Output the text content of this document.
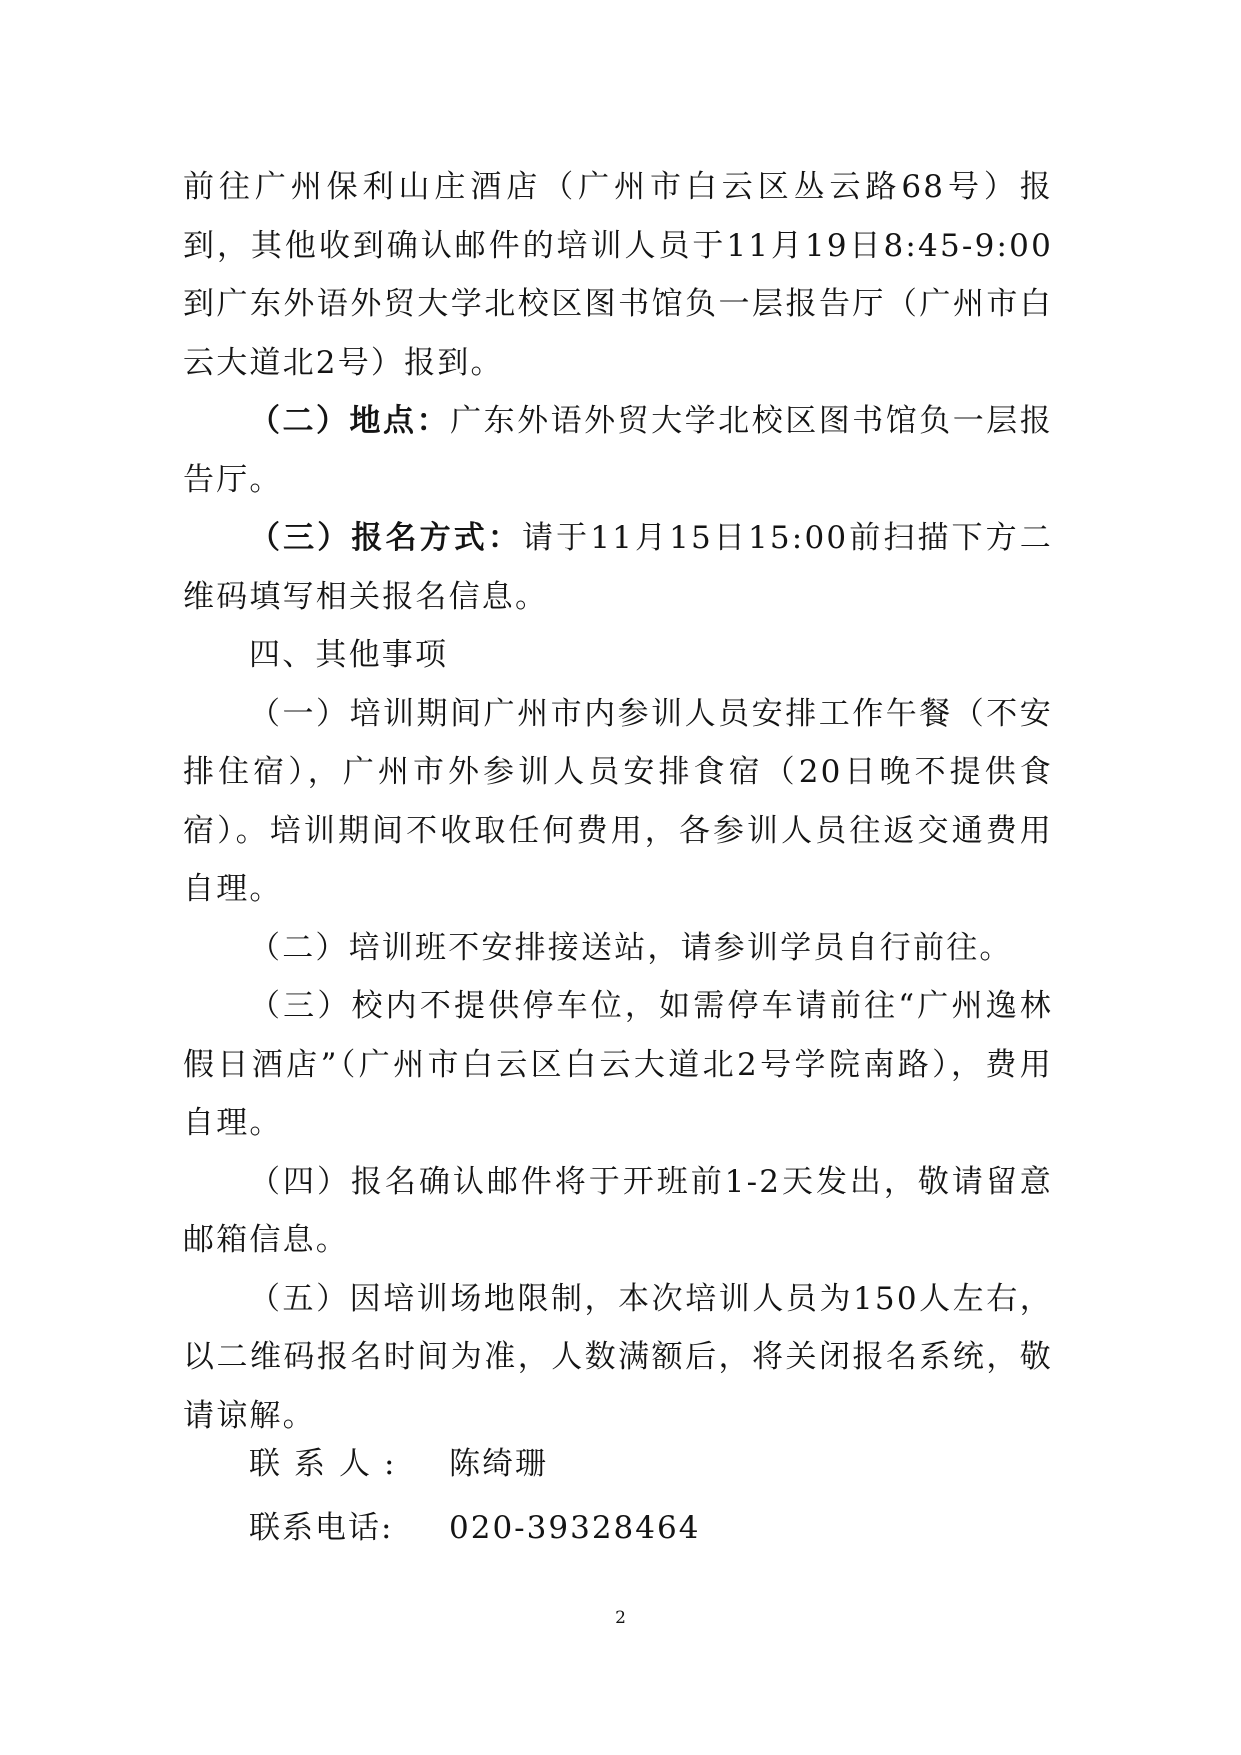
前往广州保利山庄酒店（广州市白云区丛云路68号）报到，其他收到确认邮件的培训人员于11月19日8:45-9:00到广东外语外贸大学北校区图书馆负一层报告厅（广州市白云大道北2号）报到。

（二）地点：广东外语外贸大学北校区图书馆负一层报告厅。

（三）报名方式：请于11月15日15:00前扫描下方二维码填写相关报名信息。

四、其他事项

（一）培训期间广州市内参训人员安排工作午餐（不安排住宿），广州市外参训人员安排食宿（20日晚不提供食宿）。培训期间不收取任何费用，各参训人员往返交通费用自理。

（二）培训班不安排接送站，请参训学员自行前往。

（三）校内不提供停车位，如需停车请前往“广州逸林假日酒店”（广州市白云区白云大道北2号学院南路），费用自理。

（四）报名确认邮件将于开班前1-2天发出，敬请留意邮箱信息。

（五）因培训场地限制，本次培训人员为150人左右，以二维码报名时间为准，人数满额后，将关闭报名系统，敬请谅解。

联系人:	陈绮珊
联系电话:	020-39328464
2
